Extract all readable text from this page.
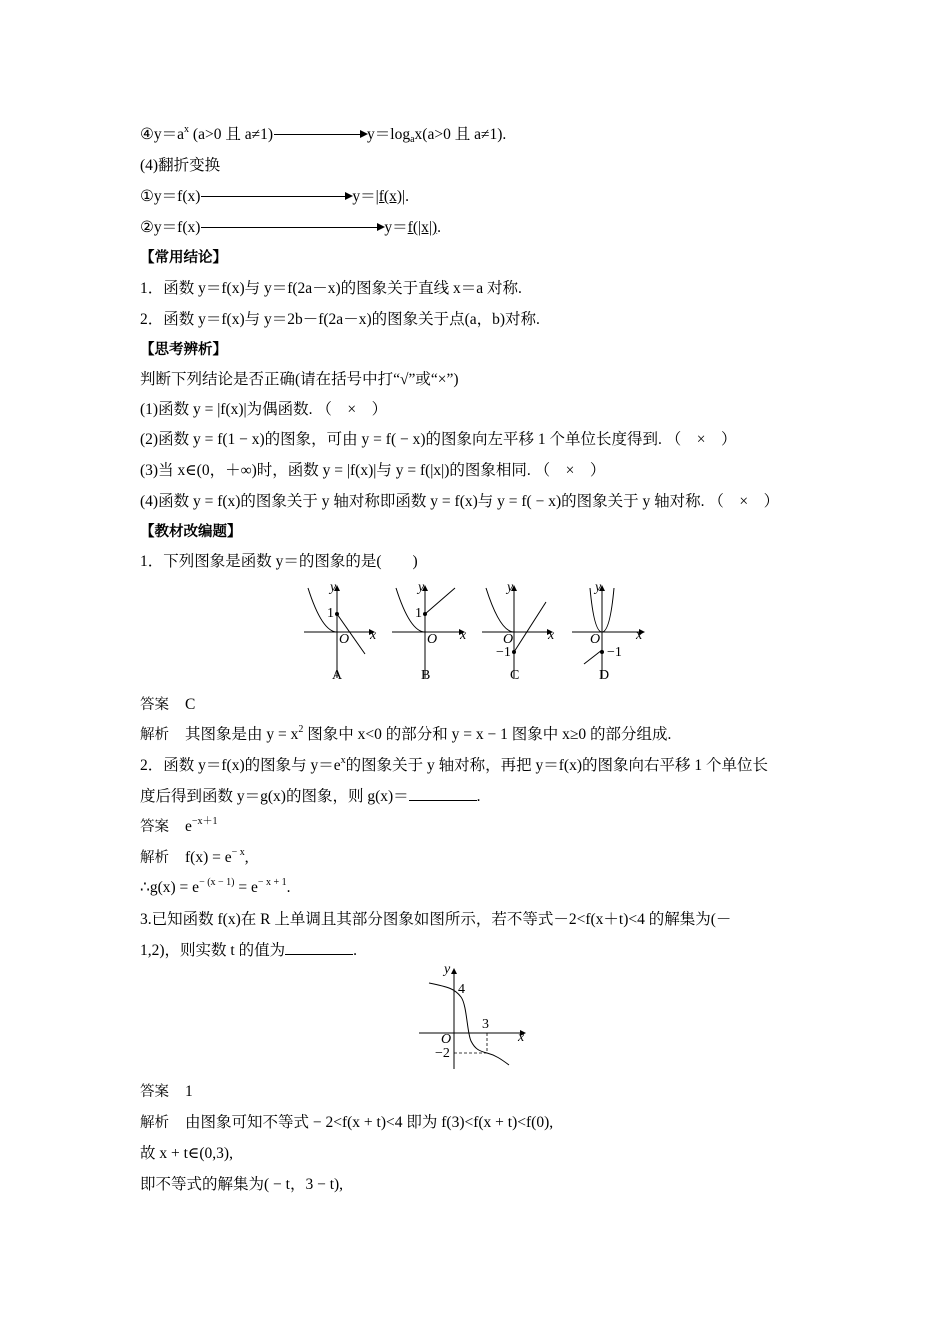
$④y=a^x$ (a>0 且 a≠1)	$y=\log_ax(a>0$ 且 a≠1).
(4)翻折变换
①y＝f(x)	y＝|f(x)|.
②y＝f(x)	y＝f(|x|).
【常用结论】
1．函数 y＝f(x)与 y＝f(2a－x)的图象关于直线 x＝a 对称.
2．函数 y＝f(x)与 y＝2b－f(2a－x)的图象关于点(a，b)对称.
【思考辨析】
判断下列结论是否正确(请在括号中打“√”或“×”)
(1)函数 y = |f(x)|为偶函数. （　×　）
(2)函数 y = f(1 − x)的图象，可由 y = f( − x)的图象向左平移 1 个单位长度得到. （　×　）
(3)当 x∈(0，＋∞)时，函数 y = |f(x)|与 y = f(|x|)的图象相同. （　×　）
(4)函数 y = f(x)的图象关于 y 轴对称即函数 y = f(x)与 y = f( − x)的图象关于 y 轴对称. （　×　）
【教材改编题】
1．下列图象是函数 y＝的图象的是(　　)
y
1
O x
A
y
1
O x
B
y
−1
O x
C
y
−1
O	x
D
答案 C
解析 其图象是由 $y = x^2$ 图象中 x<0 的部分和 y = x − 1 图象中 x≥0 的部分组成.
2．函数 y＝f(x)的图象与 $y=e^x$的图象关于 y 轴对称，再把 y＝f(x)的图象向右平移 1 个单位长
度后得到函数 y＝g(x)的图象，则 g(x)＝	.
答案 $e^{-x+1}$
解析 $f(x) = e^{- x}$,
∴g(x) = $e^{- (x - 1)} = e^{- x + 1}$.
3.已知函数 f(x)在 R 上单调且其部分图象如图所示，若不等式－2<f(x＋t)<4 的解集为(－
1,2)，则实数 t 的值为	.
y
4
3
x
O
−2
答案 1
解析 由图象可知不等式 − 2<f(x + t)<4 即为 f(3)<f(x + t)<f(0),
故 x + t∈(0,3),
即不等式的解集为( − t，3 − t),
